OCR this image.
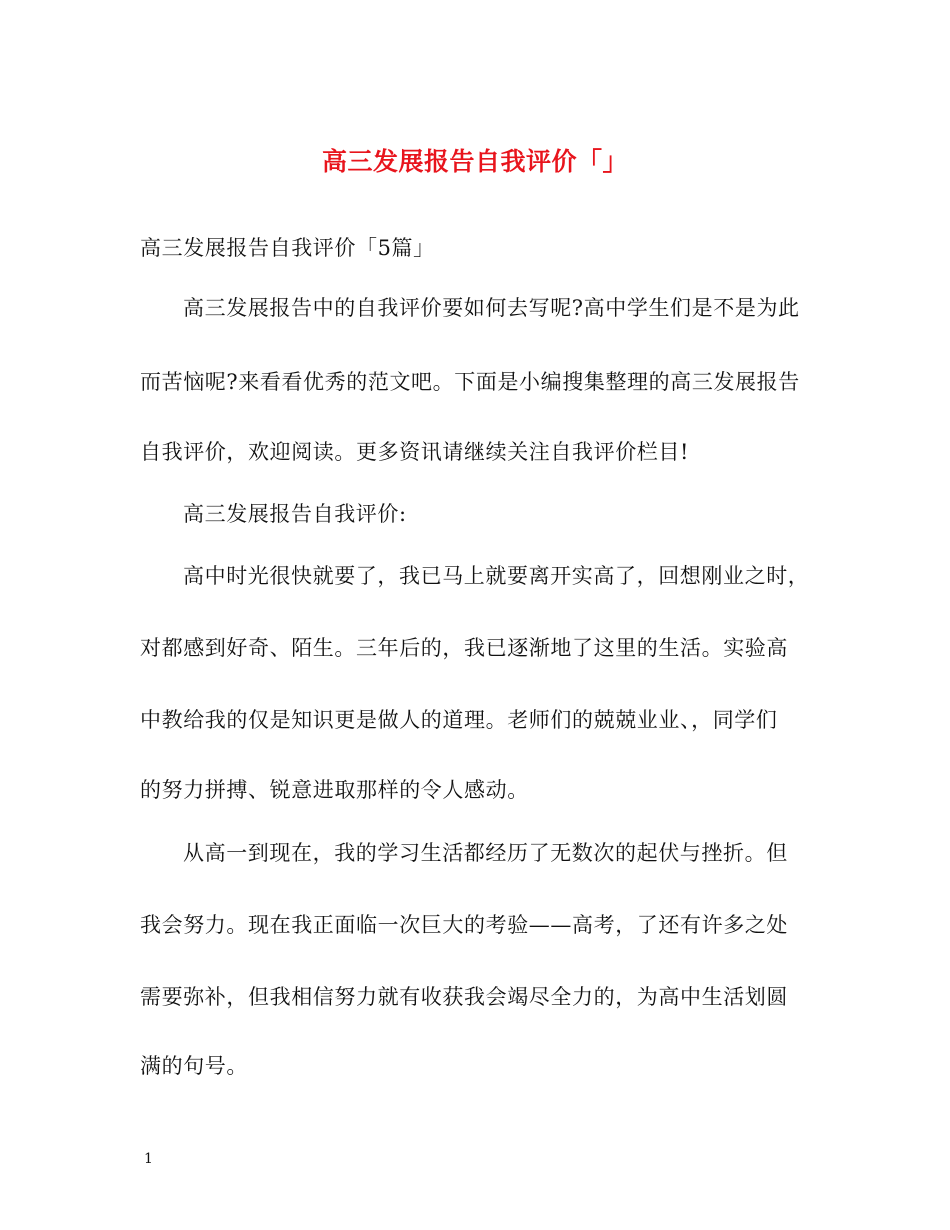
高三发展报告自我评价「」
高三发展报告自我评价「5篇」
高三发展报告中的自我评价要如何去写呢?高中学生们是不是为此
而苦恼呢?来看看优秀的范文吧。下面是小编搜集整理的高三发展报告
自我评价，欢迎阅读。更多资讯请继续关注自我评价栏目!
高三发展报告自我评价:
高中时光很快就要了，我已马上就要离开实高了，回想刚业之时，
对都感到好奇、陌生。三年后的，我已逐渐地了这里的生活。实验高
中教给我的仅是知识更是做人的道理。老师们的兢兢业业、，同学们
的努力拼搏、锐意进取那样的令人感动。
从高一到现在，我的学习生活都经历了无数次的起伏与挫折。但
我会努力。现在我正面临一次巨大的考验——高考，了还有许多之处
需要弥补，但我相信努力就有收获我会竭尽全力的，为高中生活划圆
满的句号。
1
